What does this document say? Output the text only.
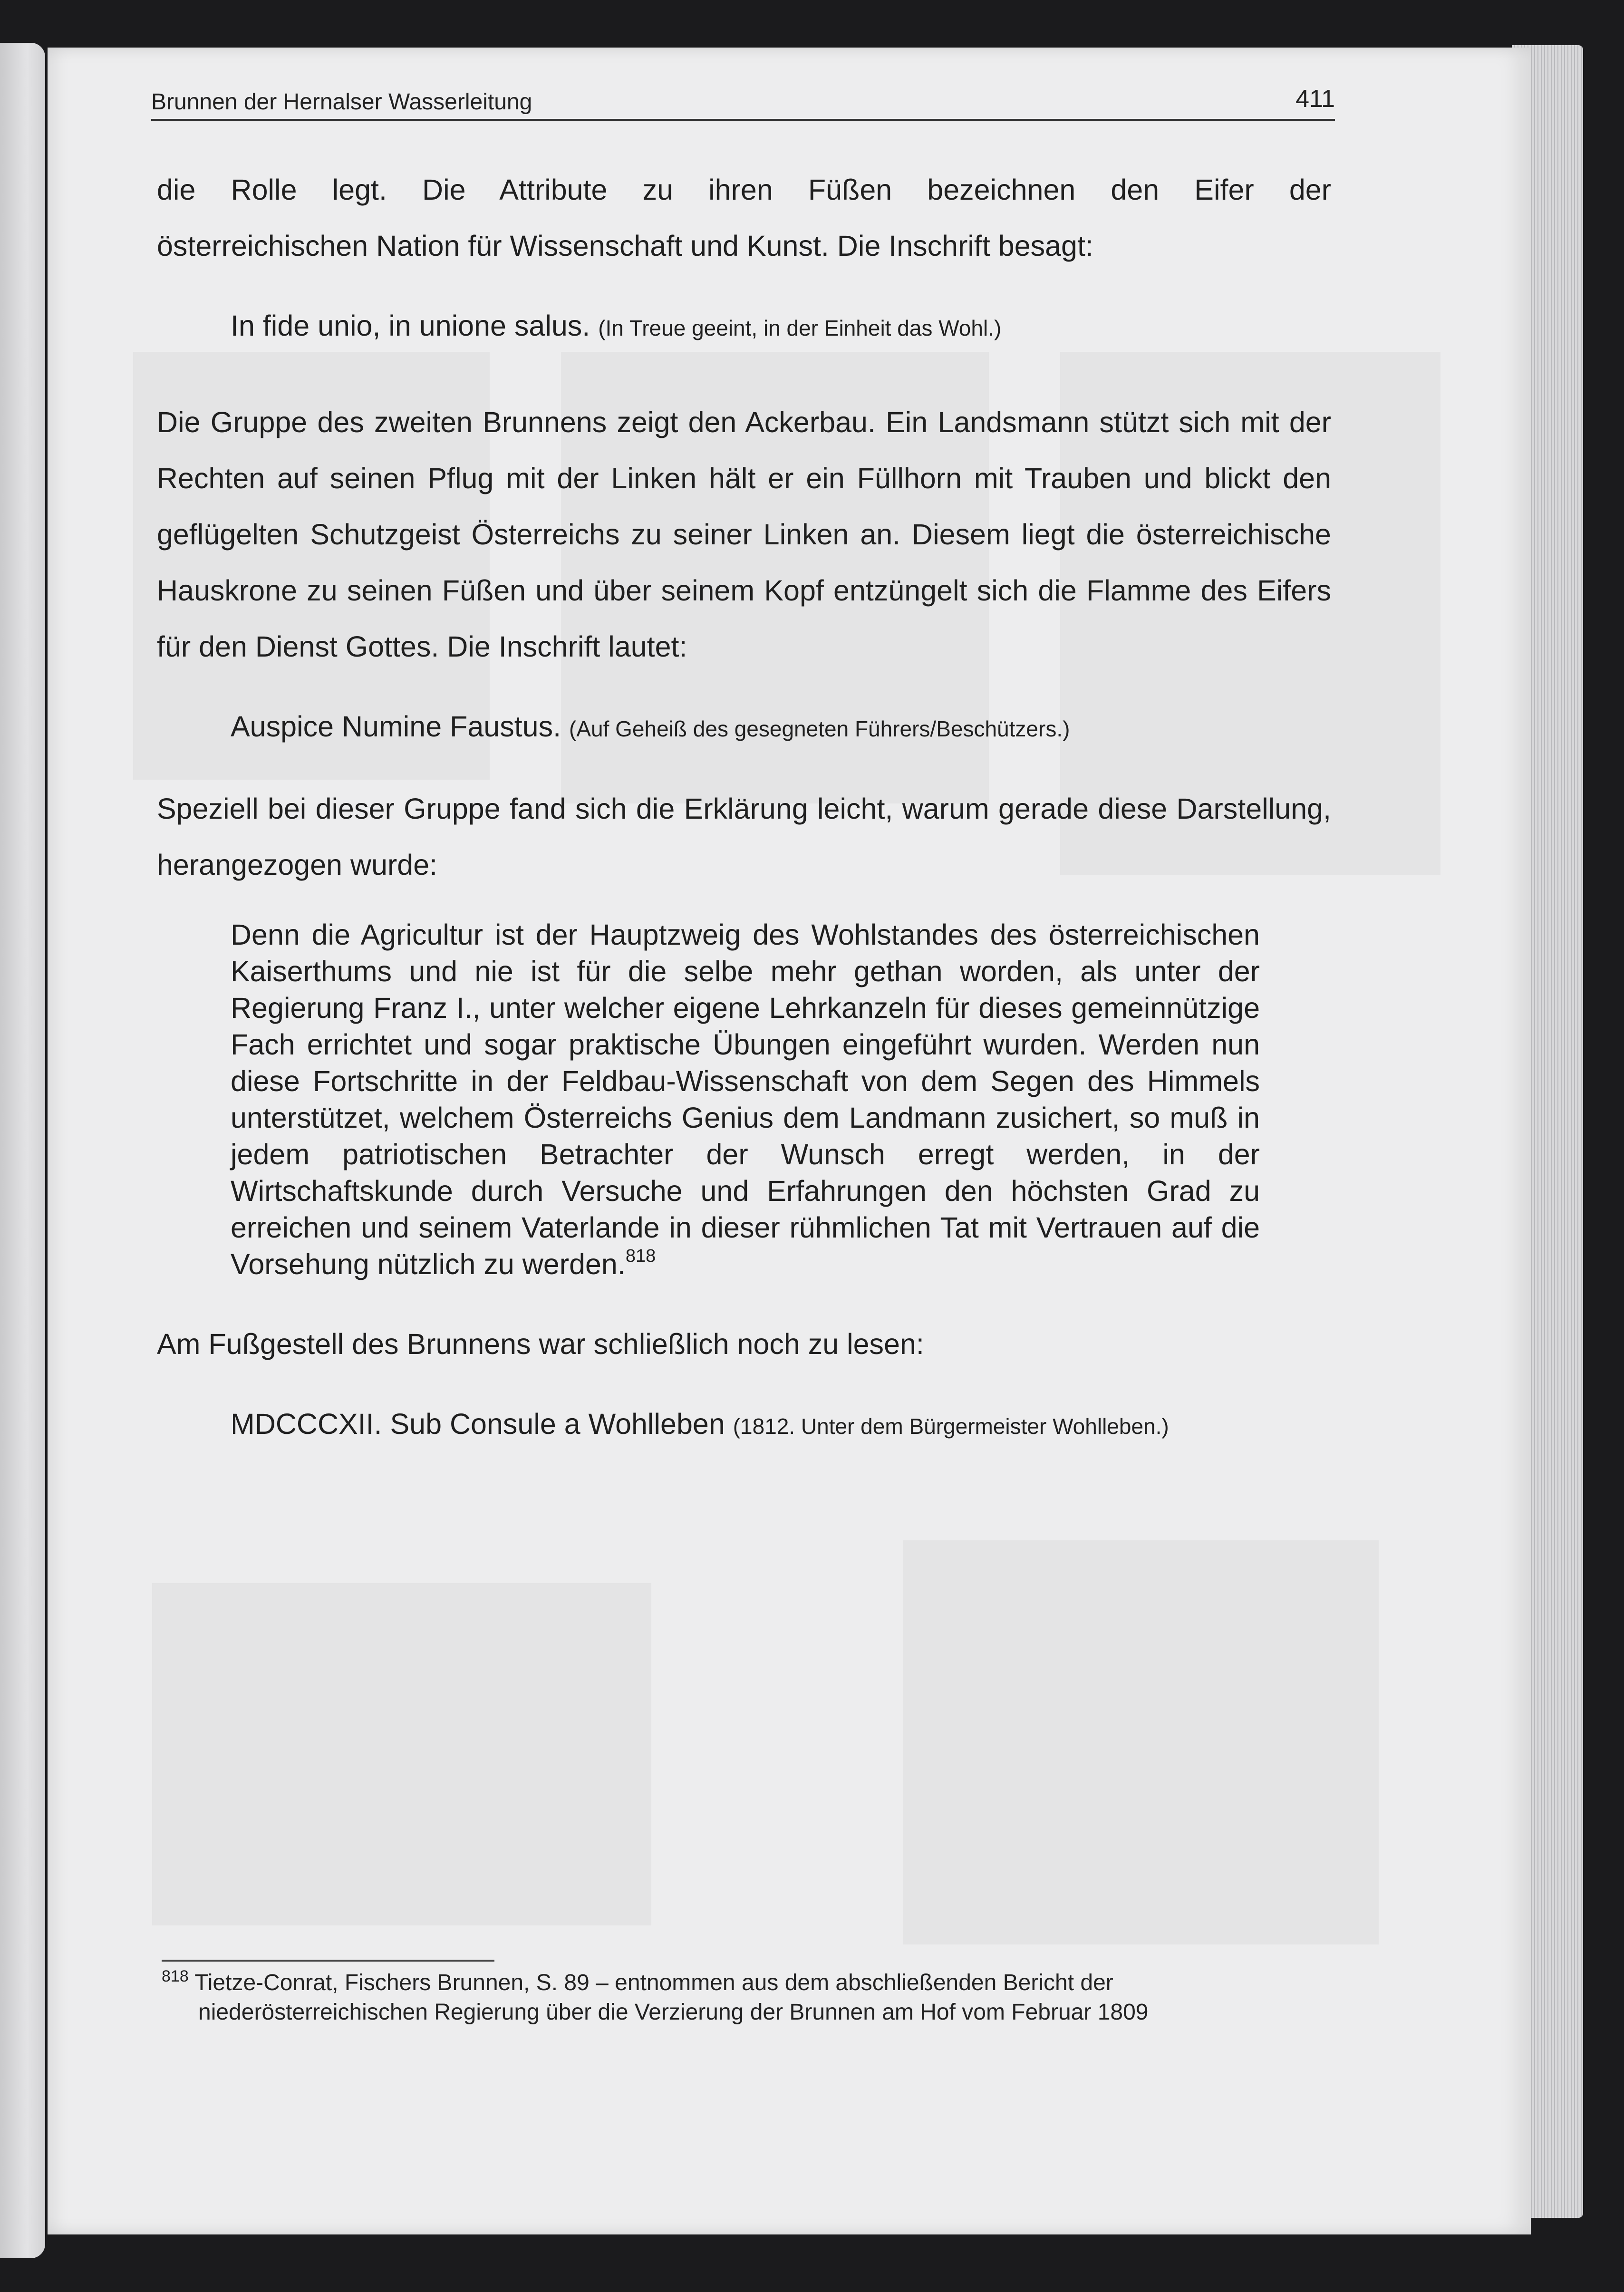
Brunnen der Hernalser Wasserleitung	411

die Rolle legt. Die Attribute zu ihren Füßen bezeichnen den Eifer der

österreichischen Nation für Wissenschaft und Kunst. Die Inschrift besagt:

In fide unio, in unione salus. (In Treue geeint, in der Einheit das Wohl.)

Die Gruppe des zweiten Brunnens zeigt den Ackerbau. Ein Landsmann stützt sich mit der Rechten auf seinen Pflug mit der Linken hält er ein Füllhorn mit Trauben und blickt den geflügelten Schutzgeist Österreichs zu seiner Linken an. Diesem liegt die österreichische Hauskrone zu seinen Füßen und über seinem Kopf entzüngelt sich die Flamme des Eifers für den Dienst Gottes. Die Inschrift lautet:

Auspice Numine Faustus. (Auf Geheiß des gesegneten Führers/Beschützers.)

Speziell bei dieser Gruppe fand sich die Erklärung leicht, warum gerade diese Darstellung, herangezogen wurde:

Denn die Agricultur ist der Hauptzweig des Wohlstandes des österreichischen Kaiserthums und nie ist für die selbe mehr gethan worden, als unter der Regierung Franz I., unter welcher eigene Lehrkanzeln für dieses gemeinnützige Fach errichtet und sogar praktische Übungen eingeführt wurden. Werden nun diese Fortschritte in der Feldbau-Wissenschaft von dem Segen des Himmels unterstützet, welchem Österreichs Genius dem Landmann zusichert, so muß in jedem patriotischen Betrachter der Wunsch erregt werden, in der Wirtschaftskunde durch Versuche und Erfahrungen den höchsten Grad zu erreichen und seinem Vaterlande in dieser rühmlichen Tat mit Vertrauen auf die Vorsehung nützlich zu werden.$^{818}$

Am Fußgestell des Brunnens war schließlich noch zu lesen:

MDCCCXII. Sub Consule a Wohlleben (1812. Unter dem Bürgermeister Wohlleben.)

$^{818}$ Tietze-Conrat, Fischers Brunnen, S. 89 – entnommen aus dem abschließenden Bericht der
niederösterreichischen Regierung über die Verzierung der Brunnen am Hof vom Februar 1809
